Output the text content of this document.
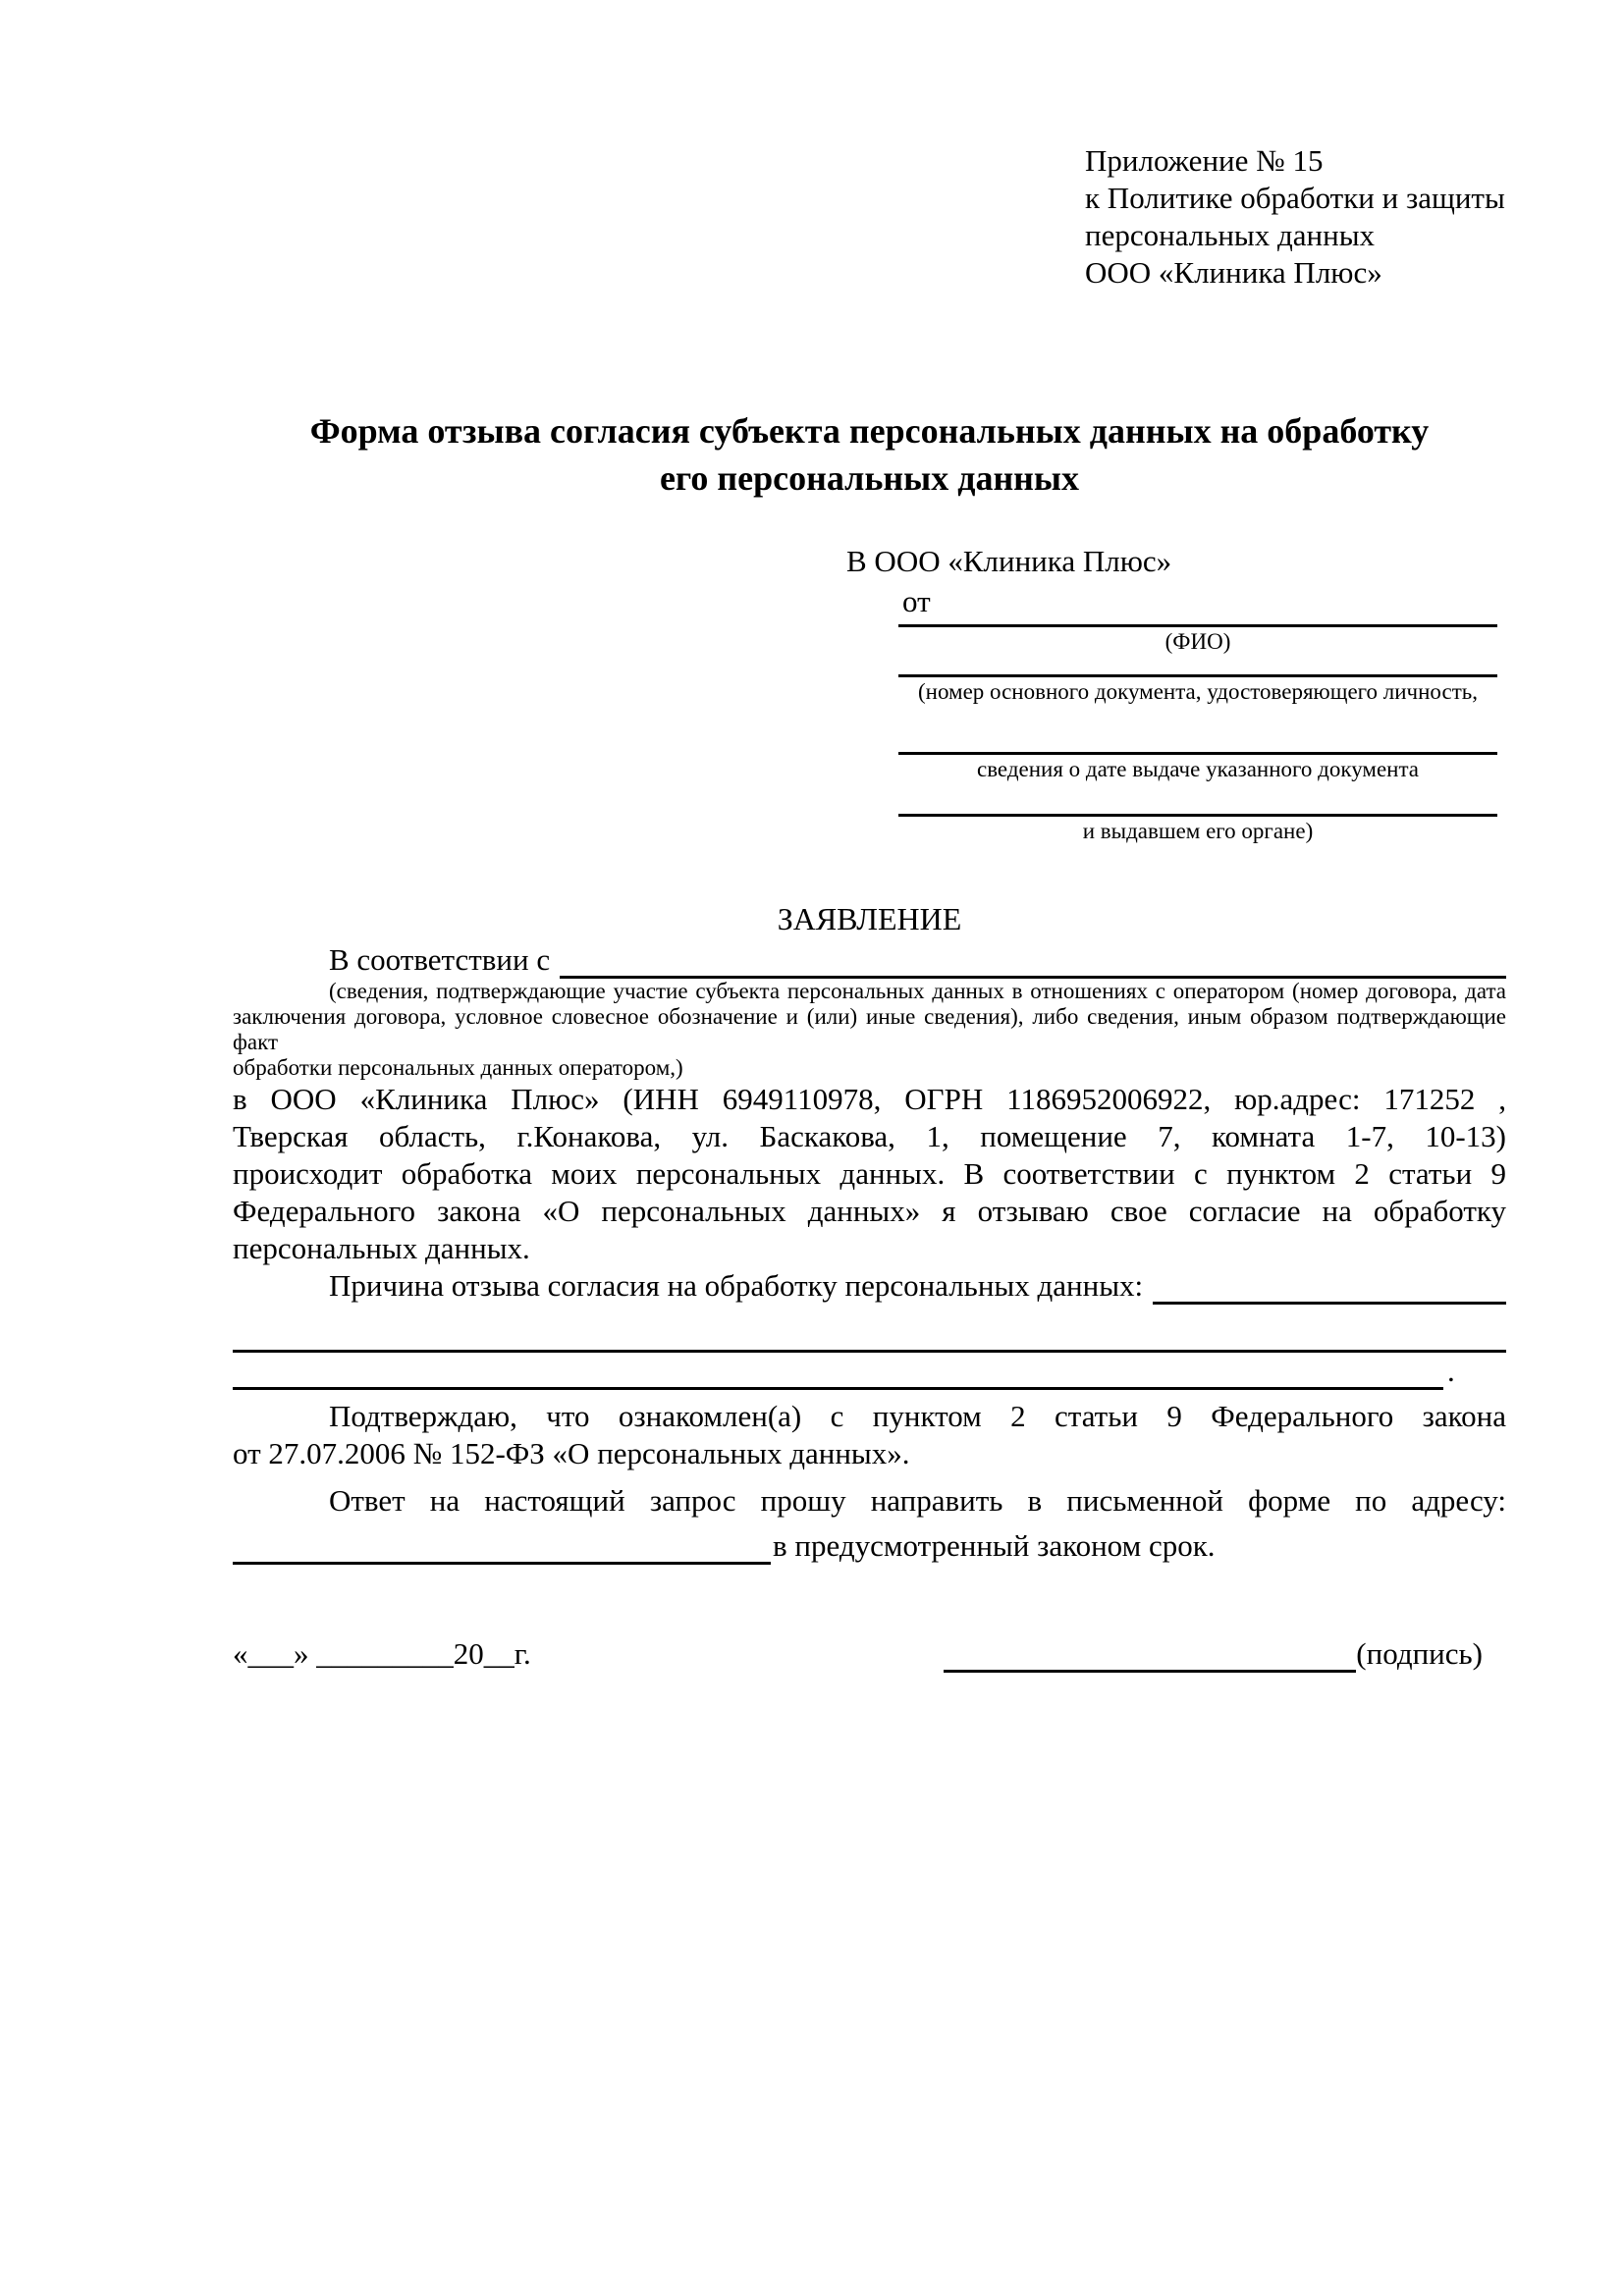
Приложение № 15
к Политике обработки и защиты
персональных данных
ООО «Клиника Плюс»
Форма отзыва согласия субъекта персональных данных на обработку
его персональных данных
В ООО «Клиника Плюс»
от
(ФИО)
(номер основного документа, удостоверяющего личность,
сведения о дате выдаче указанного документа
и выдавшем его органе)
ЗАЯВЛЕНИЕ
В соответствии с
(сведения, подтверждающие участие субъекта персональных данных в отношениях с оператором (номер договора, дата
заключения договора, условное словесное обозначение и (или) иные сведения), либо сведения, иным образом подтверждающие факт
обработки персональных данных оператором,)
в ООО «Клиника Плюс» (ИНН 6949110978, ОГРН 1186952006922, юр.адрес: 171252 ,
Тверская область, г.Конакова, ул. Баскакова, 1, помещение 7, комната 1-7, 10-13)
происходит обработка моих персональных данных. В соответствии с пунктом 2 статьи 9
Федерального закона «О персональных данных» я отзываю свое согласие на обработку
персональных данных.
Причина отзыва согласия на обработку персональных данных:
.
Подтверждаю, что ознакомлен(а) с пунктом 2 статьи 9 Федерального закона
от 27.07.2006 № 152-ФЗ «О персональных данных».
Ответ на настоящий запрос прошу направить в письменной форме по адресу:
в предусмотренный законом срок.
«___» _________20__г.	(подпись)
